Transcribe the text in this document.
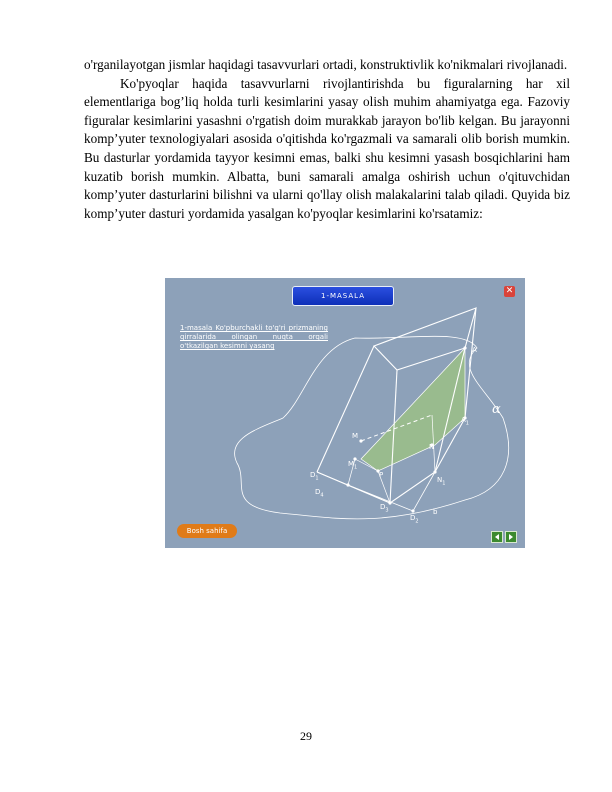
o'rganilayotgan jismlar haqidagi tasavvurlari ortadi, konstruktivlik ko'nikmalari rivojlanadi.

Ko'pyoqlar haqida tasavvurlarni rivojlantirishda bu figuralarning har xil elementlariga bog’liq holda turli kesimlarini yasay olish muhim ahamiyatga ega. Fazoviy figuralar kesimlarini yasashni o'rgatish doim murakkab jarayon bo'lib kelgan. Bu jarayonni komp’yuter texnologiyalari asosida o'qitishda ko'rgazmali va samarali olib borish mumkin. Bu dasturlar yordamida tayyor kesimni emas, balki shu kesimni yasash bosqichlarini ham kuzatib borish mumkin. Albatta, buni samarali amalga oshirish uchun o'qituvchidan komp’yuter dasturlarini bilishni va ularni qo'llay olish malakalarini talab qiladi. Quyida biz komp’yuter dasturi yordamida yasalgan ko'pyoqlar kesimlarini ko'rsatamiz:

1-MASALA	✕
1-masala Ko'pburchakli to'g'ri prizmaning qirralarida olingan nuqta orqali o'tkazilgan kesimni yasang	A
$A_1$
M
$M_1$
N
$N_1$
P
$D_1$
$D_4$
$D_3$
$D_2$
b
α
Bosh sahifa
29
